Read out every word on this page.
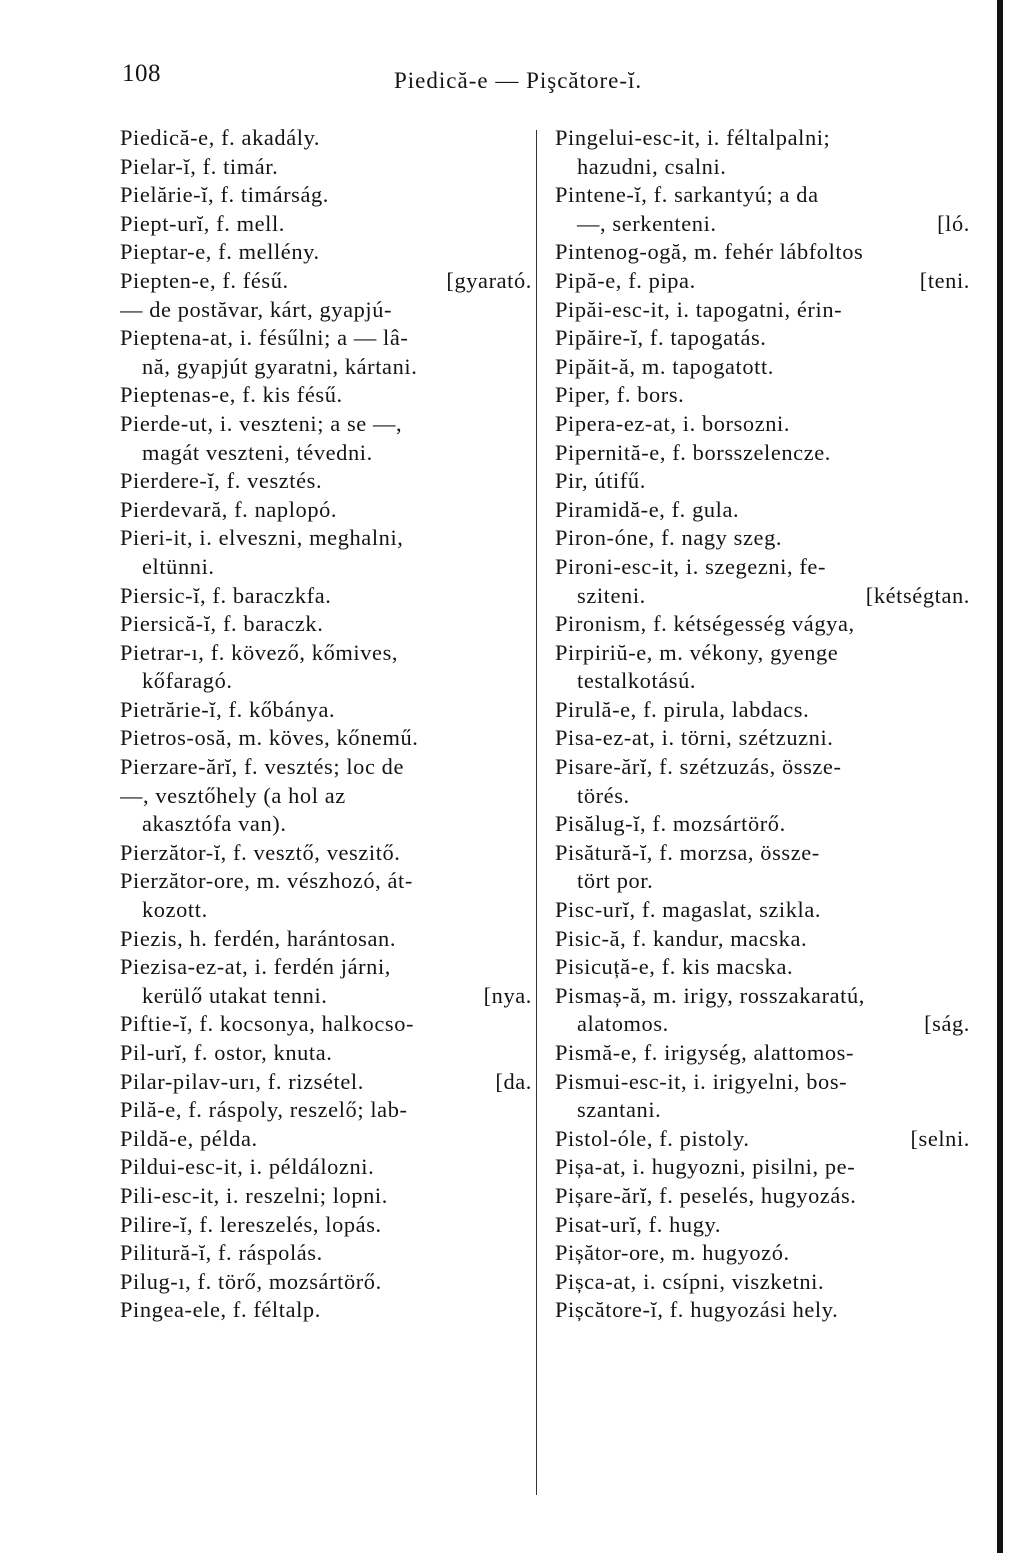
108	Piedică-e — Pişcătore-ĭ.
Piedică-e, f. akadály.
Pielar-ĭ, f. timár.
Pielărie-ĭ, f. timárság.
Piept-urĭ, f. mell.
Pieptar-e, f. mellény.
[gyarató.
Piepten-e, f. fésű.
— de postăvar, kárt, gyapjú-
Pieptena-at, i. fésűlni; a — lâ-
nă, gyapjút gyaratni, kártani.
Pieptenas-e, f. kis fésű.
Pierde-ut, i. veszteni; a se —,
magát veszteni, tévedni.
Pierdere-ĭ, f. vesztés.
Pierdevară, f. naplopó.
Pieri-it, i. elveszni, meghalni,
eltünni.
Piersic-ĭ, f. baraczkfa.
Piersică-ĭ, f. baraczk.
Pietrar-ı, f. kövező, kőmives,
kőfaragó.
Pietrărie-ĭ, f. kőbánya.
Pietros-osă, m. köves, kőnemű.
Pierzare-ărĭ, f. vesztés; loc de
—, vesztőhely (a hol az
akasztófa van).
Pierzător-ĭ, f. vesztő, veszitő.
Pierzător-ore, m. vészhozó, át-
kozott.
Piezis, h. ferdén, harántosan.
Piezisa-ez-at, i. ferdén járni,
[nya.
kerülő utakat tenni.
Piftie-ĭ, f. kocsonya, halkocso-
Pil-urĭ, f. ostor, knuta.
[da.
Pilar-pilav-urı, f. rizsétel.
Pilă-e, f. ráspoly, reszelő; lab-
Pildă-e, példa.
Pildui-esc-it, i. példálozni.
Pili-esc-it, i. reszelni; lopni.
Pilire-ĭ, f. lereszelés, lopás.
Pilitură-ĭ, f. ráspolás.
Pilug-ı, f. törő, mozsártörő.
Pingea-ele, f. féltalp.
Pingelui-esc-it, i. féltalpalni;
hazudni, csalni.
Pintene-ĭ, f. sarkantyú; a da
[ló.
—, serkenteni.
Pintenog-ogă, m. fehér lábfoltos
[teni.
Pipă-e, f. pipa.
Pipăi-esc-it, i. tapogatni, érin-
Pipăire-ĭ, f. tapogatás.
Pipăit-ă, m. tapogatott.
Piper, f. bors.
Pipera-ez-at, i. borsozni.
Pipernită-e, f. borsszelencze.
Pir, útifű.
Piramidă-e, f. gula.
Piron-óne, f. nagy szeg.
Pironi-esc-it, i. szegezni, fe-
[kétségtan.
sziteni.
Pironism, f. kétségesség vágya,
Pirpiriŭ-e, m. vékony, gyenge
testalkotású.
Pirulă-e, f. pirula, labdacs.
Pisa-ez-at, i. törni, szétzuzni.
Pisare-ărĭ, f. szétzuzás, össze-
törés.
Pisălug-ĭ, f. mozsártörő.
Pisătură-ĭ, f. morzsa, össze-
tört por.
Pisc-urĭ, f. magaslat, szikla.
Pisic-ă, f. kandur, macska.
Pisicuță-e, f. kis macska.
Pismaș-ă, m. irigy, rosszakaratú,
[ság.
alatomos.
Pismă-e, f. irigység, alattomos-
Pismui-esc-it, i. irigyelni, bos-
szantani.
[selni.
Pistol-óle, f. pistoly.
Pișa-at, i. hugyozni, pisilni, pe-
Pișare-ărĭ, f. peselés, hugyozás.
Pisat-urĭ, f. hugy.
Pișător-ore, m. hugyozó.
Pișca-at, i. csípni, viszketni.
Pișcătore-ĭ, f. hugyozási hely.
